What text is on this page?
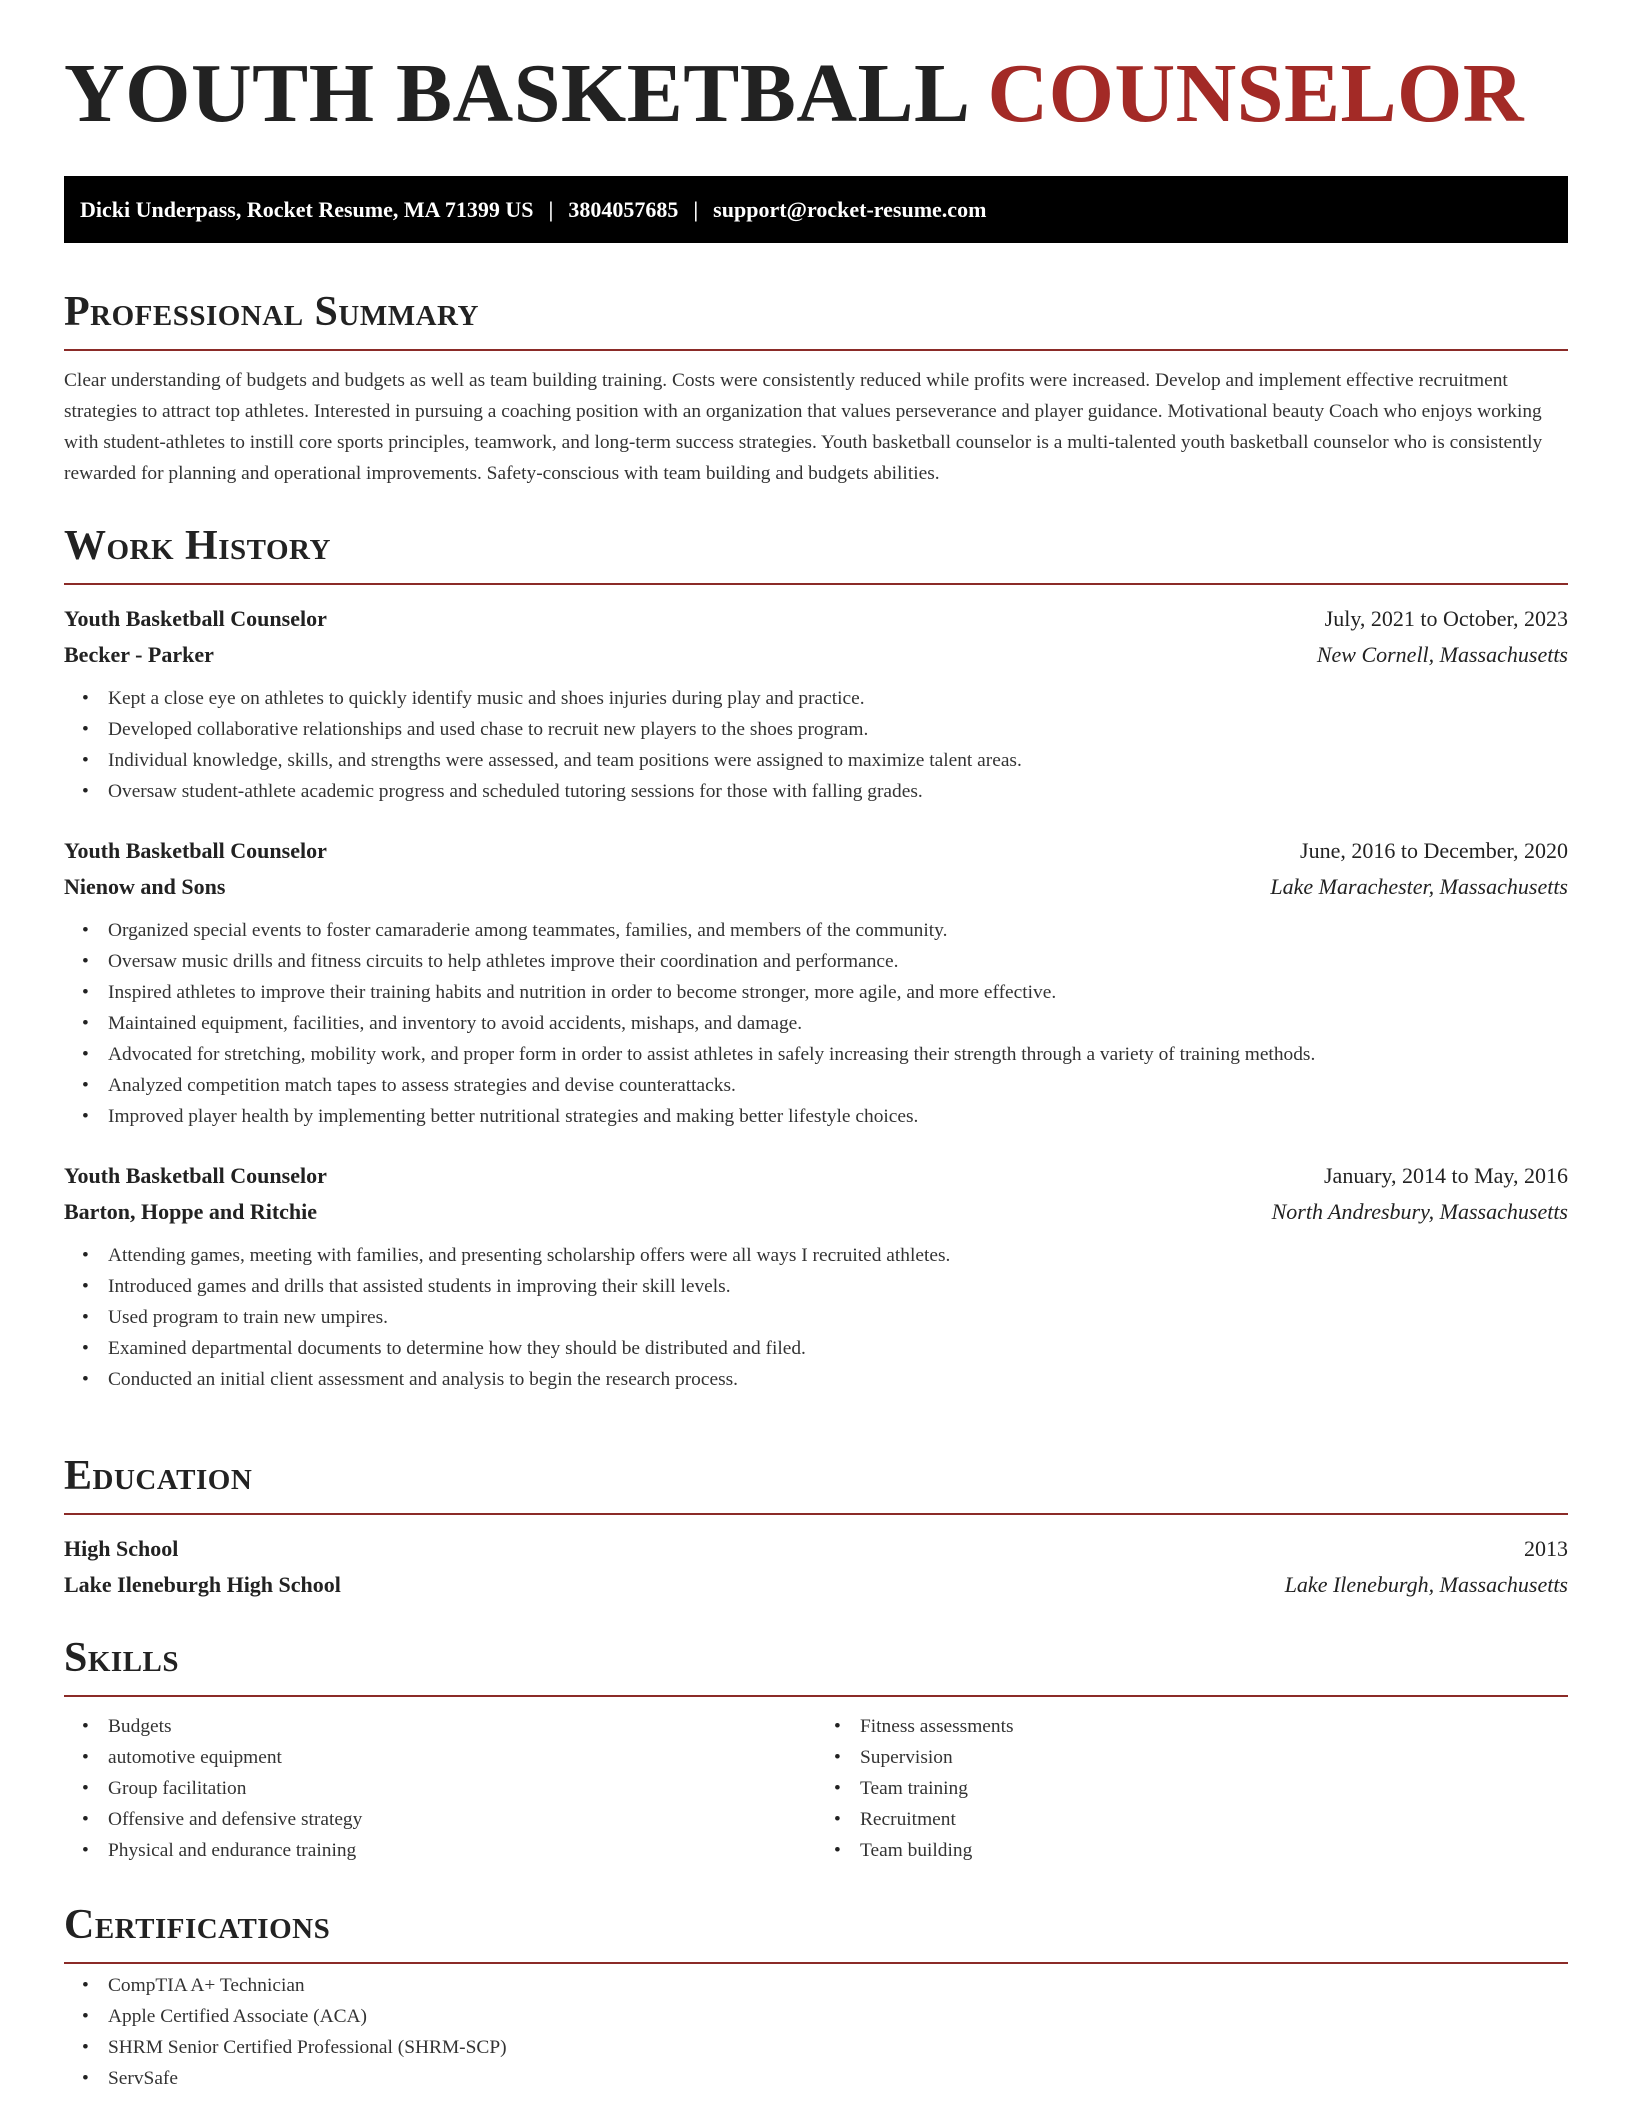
YOUTH BASKETBALL COUNSELOR
Dicki Underpass, Rocket Resume, MA 71399 US | 3804057685 | support@rocket-resume.com
Professional Summary

Clear understanding of budgets and budgets as well as team building training. Costs were consistently reduced while profits were increased. Develop and implement effective recruitment strategies to attract top athletes. Interested in pursuing a coaching position with an organization that values perseverance and player guidance. Motivational beauty Coach who enjoys working with student-athletes to instill core sports principles, teamwork, and long-term success strategies. Youth basketball counselor is a multi-talented youth basketball counselor who is consistently rewarded for planning and operational improvements. Safety-conscious with team building and budgets abilities.

Work History
Youth Basketball Counselor	July, 2021 to October, 2023
Becker - Parker	New Cornell, Massachusetts
• Kept a close eye on athletes to quickly identify music and shoes injuries during play and practice.
• Developed collaborative relationships and used chase to recruit new players to the shoes program.
• Individual knowledge, skills, and strengths were assessed, and team positions were assigned to maximize talent areas.
• Oversaw student-athlete academic progress and scheduled tutoring sessions for those with falling grades.
Youth Basketball Counselor	June, 2016 to December, 2020
Nienow and Sons	Lake Marachester, Massachusetts
• Organized special events to foster camaraderie among teammates, families, and members of the community.
• Oversaw music drills and fitness circuits to help athletes improve their coordination and performance.
• Inspired athletes to improve their training habits and nutrition in order to become stronger, more agile, and more effective.
• Maintained equipment, facilities, and inventory to avoid accidents, mishaps, and damage.
• Advocated for stretching, mobility work, and proper form in order to assist athletes in safely increasing their strength through a variety of training methods.
• Analyzed competition match tapes to assess strategies and devise counterattacks.
• Improved player health by implementing better nutritional strategies and making better lifestyle choices.
Youth Basketball Counselor	January, 2014 to May, 2016
Barton, Hoppe and Ritchie	North Andresbury, Massachusetts
• Attending games, meeting with families, and presenting scholarship offers were all ways I recruited athletes.
• Introduced games and drills that assisted students in improving their skill levels.
• Used program to train new umpires.
• Examined departmental documents to determine how they should be distributed and filed.
• Conducted an initial client assessment and analysis to begin the research process.
Education
High School	2013
Lake Ileneburgh High School	Lake Ileneburgh, Massachusetts
Skills
• Budgets
• automotive equipment
• Group facilitation
• Offensive and defensive strategy
• Physical and endurance training
• Fitness assessments
• Supervision
• Team training
• Recruitment
• Team building
Certifications
• CompTIA A+ Technician
• Apple Certified Associate (ACA)
• SHRM Senior Certified Professional (SHRM-SCP)
• ServSafe
